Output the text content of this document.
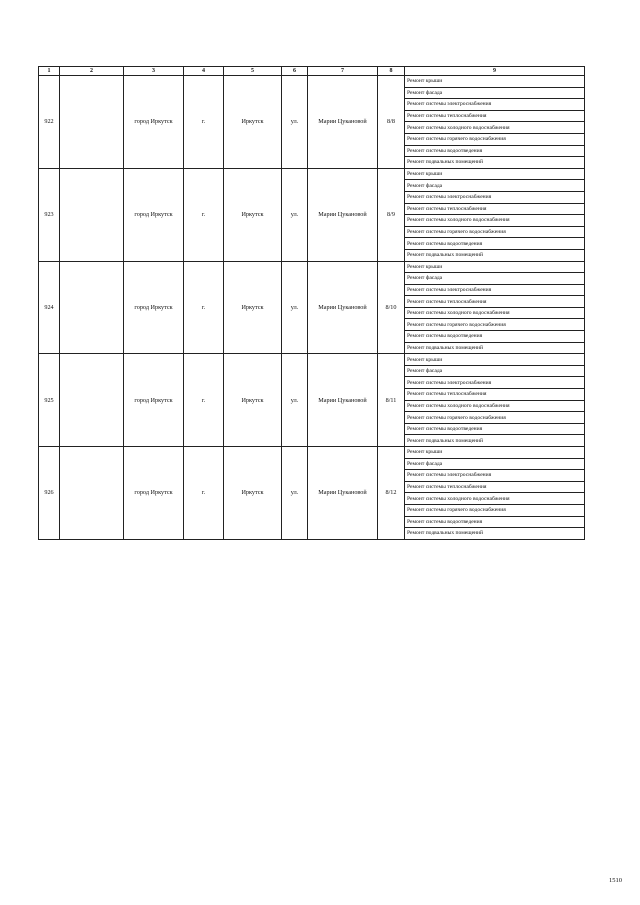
1	2	3	4	5	6	7	8	9
922		город Иркутск	г.	Иркутск	ул.	Марии Цукановой	8/8	Ремонт крыши
								Ремонт фасада
								Ремонт системы электроснабжения
								Ремонт системы теплоснабжения
								Ремонт системы холодного водоснабжения
								Ремонт системы горячего водоснабжения
								Ремонт системы водоотведения
								Ремонт подвальных помещений
923		город Иркутск	г.	Иркутск	ул.	Марии Цукановой	8/9	Ремонт крыши
								Ремонт фасада
								Ремонт системы электроснабжения
								Ремонт системы теплоснабжения
								Ремонт системы холодного водоснабжения
								Ремонт системы горячего водоснабжения
								Ремонт системы водоотведения
								Ремонт подвальных помещений
924		город Иркутск	г.	Иркутск	ул.	Марии Цукановой	8/10	Ремонт крыши
								Ремонт фасада
								Ремонт системы электроснабжения
								Ремонт системы теплоснабжения
								Ремонт системы холодного водоснабжения
								Ремонт системы горячего водоснабжения
								Ремонт системы водоотведения
								Ремонт подвальных помещений
925		город Иркутск	г.	Иркутск	ул.	Марии Цукановой	8/11	Ремонт крыши
								Ремонт фасада
								Ремонт системы электроснабжения
								Ремонт системы теплоснабжения
								Ремонт системы холодного водоснабжения
								Ремонт системы горячего водоснабжения
								Ремонт системы водоотведения
								Ремонт подвальных помещений
926		город Иркутск	г.	Иркутск	ул.	Марии Цукановой	8/12	Ремонт крыши
								Ремонт фасада
								Ремонт системы электроснабжения
								Ремонт системы теплоснабжения
								Ремонт системы холодного водоснабжения
								Ремонт системы горячего водоснабжения
								Ремонт системы водоотведения
								Ремонт подвальных помещений
1510
